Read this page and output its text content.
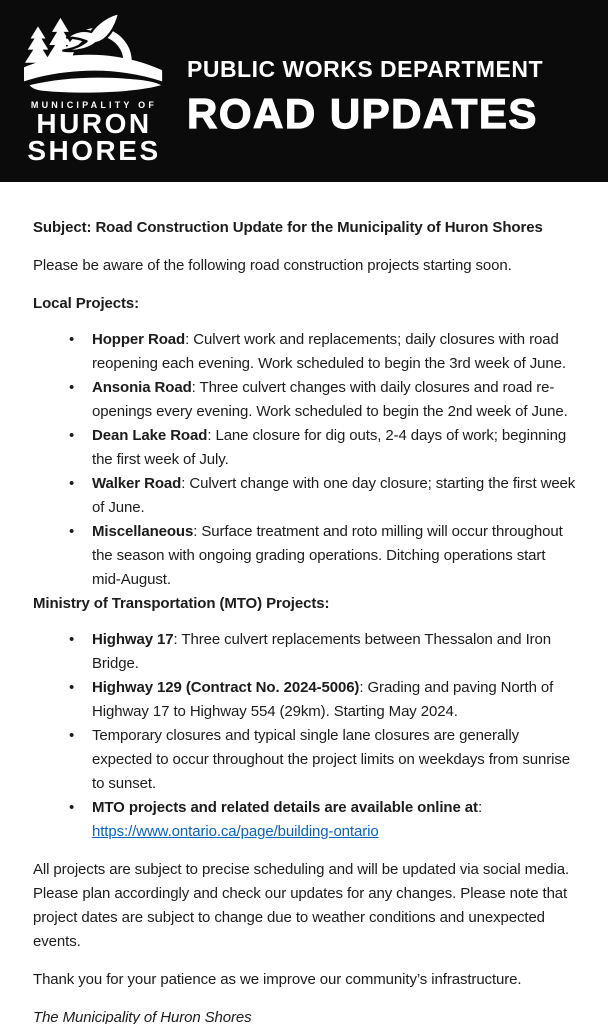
MUNICIPALITY OF
HURON
SHORES
PUBLIC WORKS DEPARTMENT
ROAD UPDATES

Subject: Road Construction Update for the Municipality of Huron Shores

Please be aware of the following road construction projects starting soon.

Local Projects:
• Hopper Road: Culvert work and replacements; daily closures with road reopening each evening. Work scheduled to begin the 3rd week of June.
• Ansonia Road: Three culvert changes with daily closures and road re- openings every evening. Work scheduled to begin the 2nd week of June.
• Dean Lake Road: Lane closure for dig outs, 2-4 days of work; beginning the first week of July.
• Walker Road: Culvert change with one day closure; starting the first week of June.
• Miscellaneous: Surface treatment and roto milling will occur throughout the season with ongoing grading operations. Ditching operations start mid-August.
Ministry of Transportation (MTO) Projects:
• Highway 17: Three culvert replacements between Thessalon and Iron Bridge.
• Highway 129 (Contract No. 2024-5006): Grading and paving North of Highway 17 to Highway 554 (29km). Starting May 2024.
• Temporary closures and typical single lane closures are generally expected to occur throughout the project limits on weekdays from sunrise to sunset.
• MTO projects and related details are available online at:
https://www.ontario.ca/page/building-ontario

All projects are subject to precise scheduling and will be updated via social media. Please plan accordingly and check our updates for any changes. Please note that project dates are subject to change due to weather conditions and unexpected events.

Thank you for your patience as we improve our community’s infrastructure.

The Municipality of Huron Shores
